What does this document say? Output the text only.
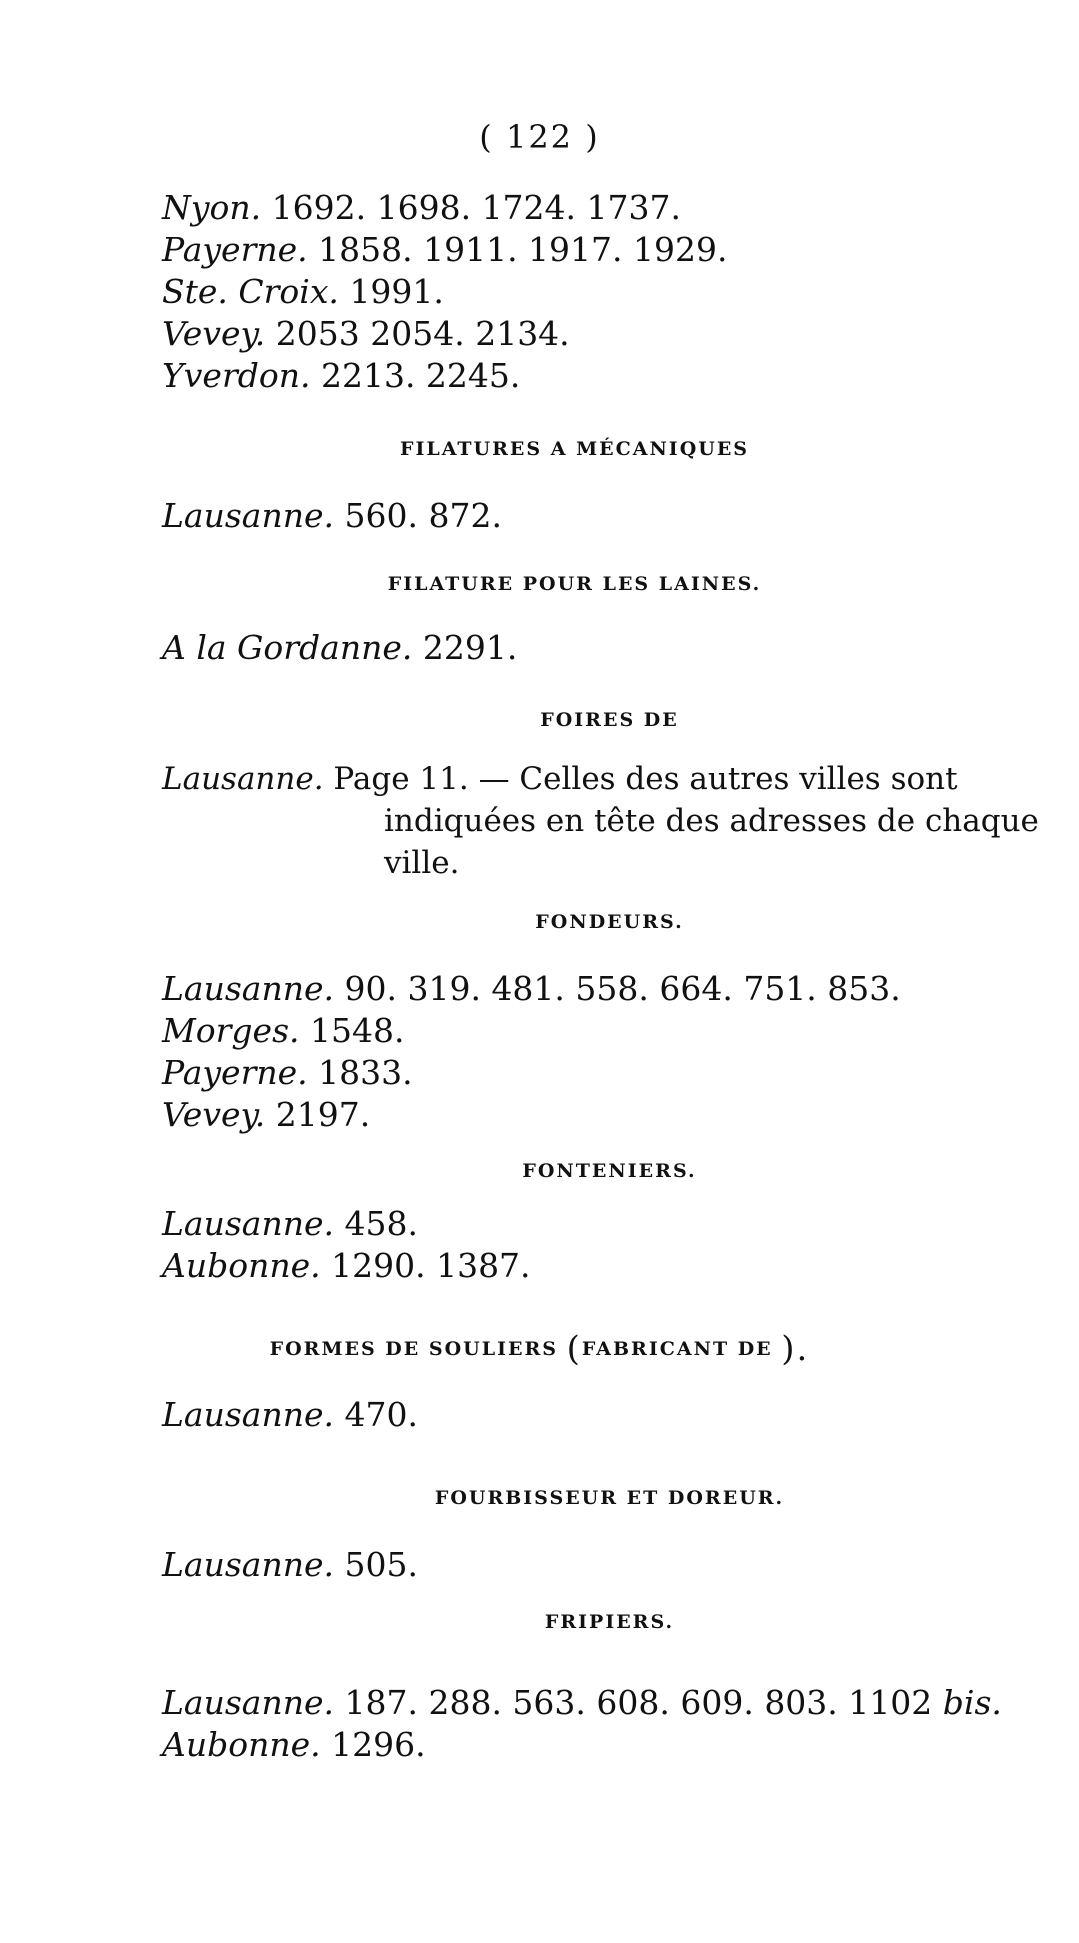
( 122 )
Nyon. 1692. 1698. 1724. 1737.
Payerne. 1858. 1911. 1917. 1929.
Ste. Croix. 1991.
Vevey. 2053 2054. 2134.
Yverdon. 2213. 2245.
FILATURES A MÉCANIQUES
Lausanne. 560. 872.
FILATURE POUR LES LAINES.
A la Gordanne. 2291.
FOIRES DE
Lausanne. Page 11. — Celles des autres villes sont
indiquées en tête des adresses de chaque
ville.
FONDEURS.
Lausanne. 90. 319. 481. 558. 664. 751. 853.
Morges. 1548.
Payerne. 1833.
Vevey. 2197.
FONTENIERS.
Lausanne. 458.
Aubonne. 1290. 1387.
FORMES DE SOULIERS (FABRICANT DE ).
Lausanne. 470.
FOURBISSEUR ET DOREUR.
Lausanne. 505.
FRIPIERS.
Lausanne. 187. 288. 563. 608. 609. 803. 1102 bis.
Aubonne. 1296.
